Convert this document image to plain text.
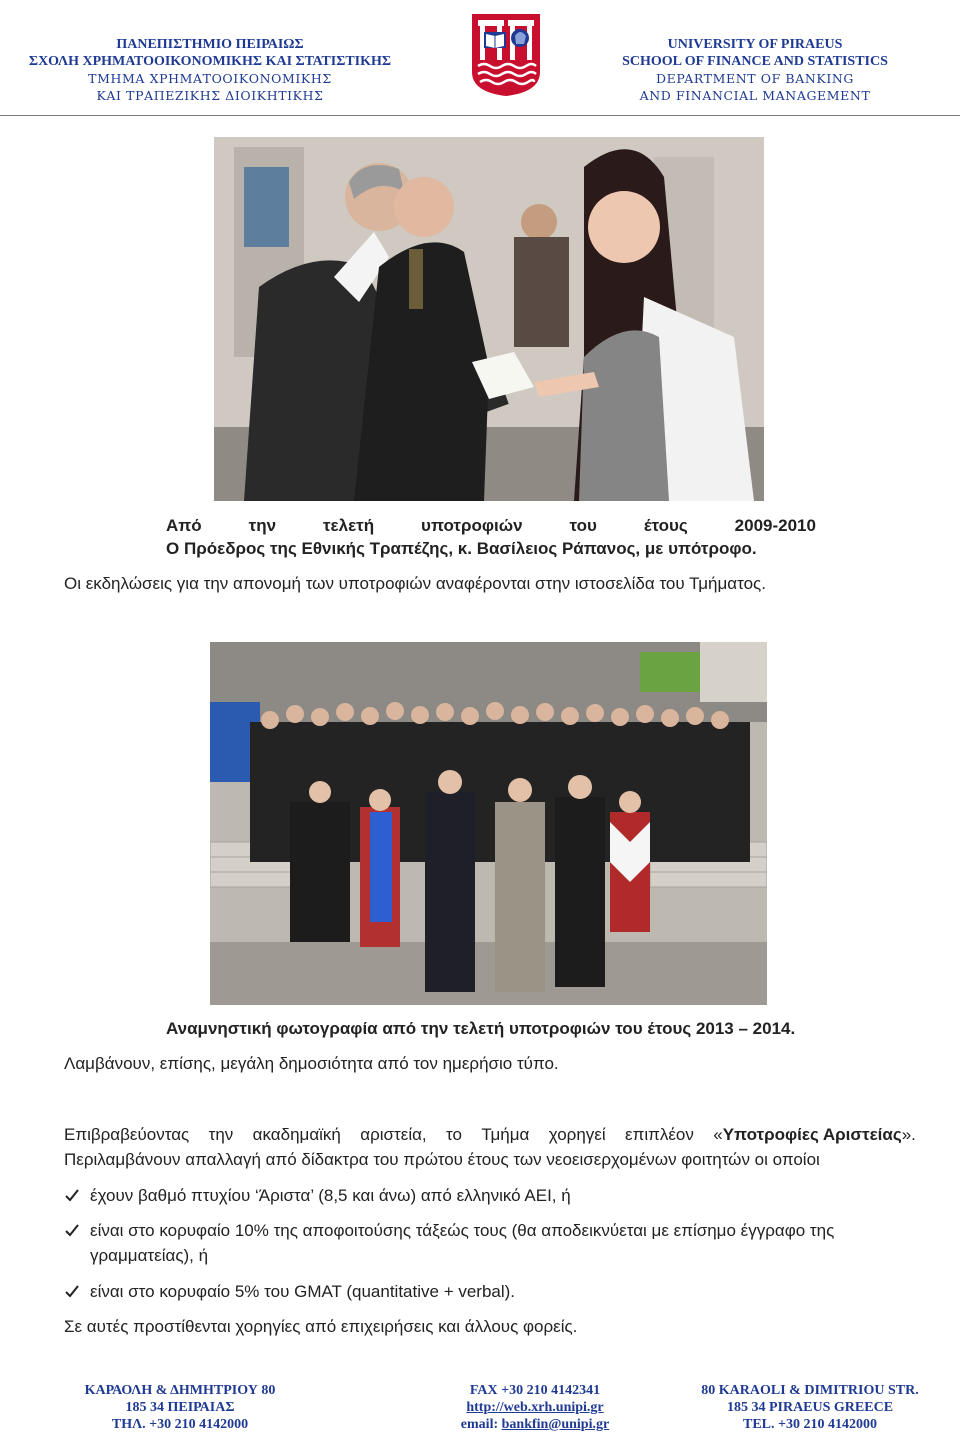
ΠΑΝΕΠΙΣΤΗΜΙΟ ΠΕΙΡΑΙΩΣ
ΣΧΟΛΗ ΧΡΗΜΑΤΟΟΙΚΟΝΟΜΙΚΗΣ ΚΑΙ ΣΤΑΤΙΣΤΙΚΗΣ
ΤΜΗΜΑ ΧΡΗΜΑΤΟΟΙΚΟΝΟΜΙΚΗΣ
ΚΑΙ ΤΡΑΠΕΖΙΚΗΣ ΔΙΟΙΚΗΤΙΚΗΣ
UNIVERSITY OF PIRAEUS
SCHOOL OF FINANCE AND STATISTICS
DEPARTMENT OF BANKING
AND FINANCIAL MANAGEMENT
Από	την	τελετή	υποτροφιών	του	έτους	2009-2010
Ο Πρόεδρος της Εθνικής Τραπέζης, κ. Βασίλειος Ράπανος, με υπότροφο.
Οι εκδηλώσεις για την απονομή των υποτροφιών αναφέρονται στην ιστοσελίδα του Τμήματος.
Αναμνηστική φωτογραφία από την τελετή υποτροφιών του έτους 2013 – 2014.
Λαμβάνουν, επίσης, μεγάλη δημοσιότητα από τον ημερήσιο τύπο.
Επιβραβεύοντας την ακαδημαϊκή αριστεία, το Τμήμα χορηγεί επιπλέον «Υποτροφίες Αριστείας».
Περιλαμβάνουν απαλλαγή από δίδακτρα του πρώτου έτους των νεοεισερχομένων φοιτητών οι οποίοι
έχουν βαθμό πτυχίου ‘Άριστα’ (8,5 και άνω) από ελληνικό ΑΕΙ, ή
είναι στο κορυφαίο 10% της αποφοιτούσης τάξεώς τους (θα αποδεικνύεται με επίσημο έγγραφο της
γραμματείας), ή
είναι στο κορυφαίο 5% του GMAT (quantitative + verbal).
Σε αυτές προστίθενται χορηγίες από επιχειρήσεις και άλλους φορείς.
ΚΑΡΑΟΛΗ & ΔΗΜΗΤΡΙΟΥ 80
185 34 ΠΕΙΡΑΙΑΣ
ΤΗΛ. +30 210 4142000
FAX +30 210 4142341
http://web.xrh.unipi.gr
email: bankfin@unipi.gr
80 KARAOLI & DIMITRIOU STR.
185 34 PIRAEUS GREECE
TEL. +30 210 4142000
